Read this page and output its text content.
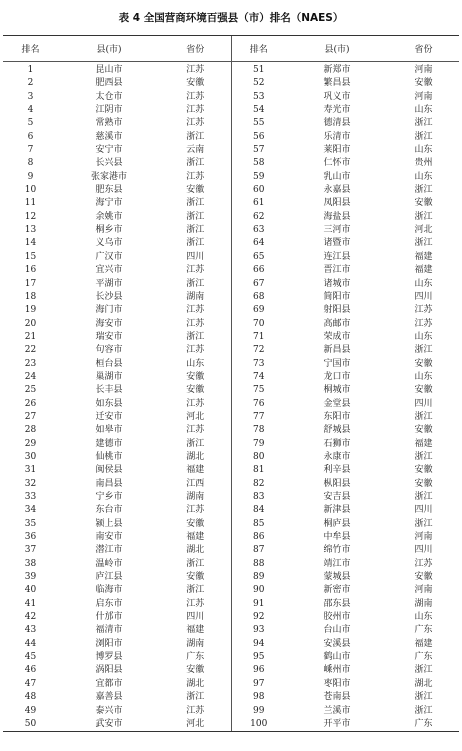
表 4 全国营商环境百强县（市）排名（NAES）
排名	县(市)	省份	排名	县(市)	省份
1	昆山市	江苏	51	新郑市	河南
2	肥西县	安徽	52	繁昌县	安徽
3	太仓市	江苏	53	巩义市	河南
4	江阴市	江苏	54	寿光市	山东
5	常熟市	江苏	55	德清县	浙江
6	慈溪市	浙江	56	乐清市	浙江
7	安宁市	云南	57	莱阳市	山东
8	长兴县	浙江	58	仁怀市	贵州
9	张家港市	江苏	59	乳山市	山东
10	肥东县	安徽	60	永嘉县	浙江
11	海宁市	浙江	61	凤阳县	安徽
12	余姚市	浙江	62	海盐县	浙江
13	桐乡市	浙江	63	三河市	河北
14	义乌市	浙江	64	诸暨市	浙江
15	广汉市	四川	65	连江县	福建
16	宜兴市	江苏	66	晋江市	福建
17	平湖市	浙江	67	诸城市	山东
18	长沙县	湖南	68	简阳市	四川
19	海门市	江苏	69	射阳县	江苏
20	海安市	江苏	70	高邮市	江苏
21	瑞安市	浙江	71	荣成市	山东
22	句容市	江苏	72	新昌县	浙江
23	桓台县	山东	73	宁国市	安徽
24	巢湖市	安徽	74	龙口市	山东
25	长丰县	安徽	75	桐城市	安徽
26	如东县	江苏	76	金堂县	四川
27	迁安市	河北	77	东阳市	浙江
28	如皋市	江苏	78	舒城县	安徽
29	建德市	浙江	79	石狮市	福建
30	仙桃市	湖北	80	永康市	浙江
31	闽侯县	福建	81	利辛县	安徽
32	南昌县	江西	82	枞阳县	安徽
33	宁乡市	湖南	83	安吉县	浙江
34	东台市	江苏	84	新津县	四川
35	颍上县	安徽	85	桐庐县	浙江
36	南安市	福建	86	中牟县	河南
37	潜江市	湖北	87	绵竹市	四川
38	温岭市	浙江	88	靖江市	江苏
39	庐江县	安徽	89	蒙城县	安徽
40	临海市	浙江	90	新密市	河南
41	启东市	江苏	91	邵东县	湖南
42	什邡市	四川	92	胶州市	山东
43	福清市	福建	93	台山市	广东
44	浏阳市	湖南	94	安溪县	福建
45	博罗县	广东	95	鹤山市	广东
46	涡阳县	安徽	96	嵊州市	浙江
47	宜都市	湖北	97	枣阳市	湖北
48	嘉善县	浙江	98	苍南县	浙江
49	泰兴市	江苏	99	兰溪市	浙江
50	武安市	河北	100	开平市	广东
